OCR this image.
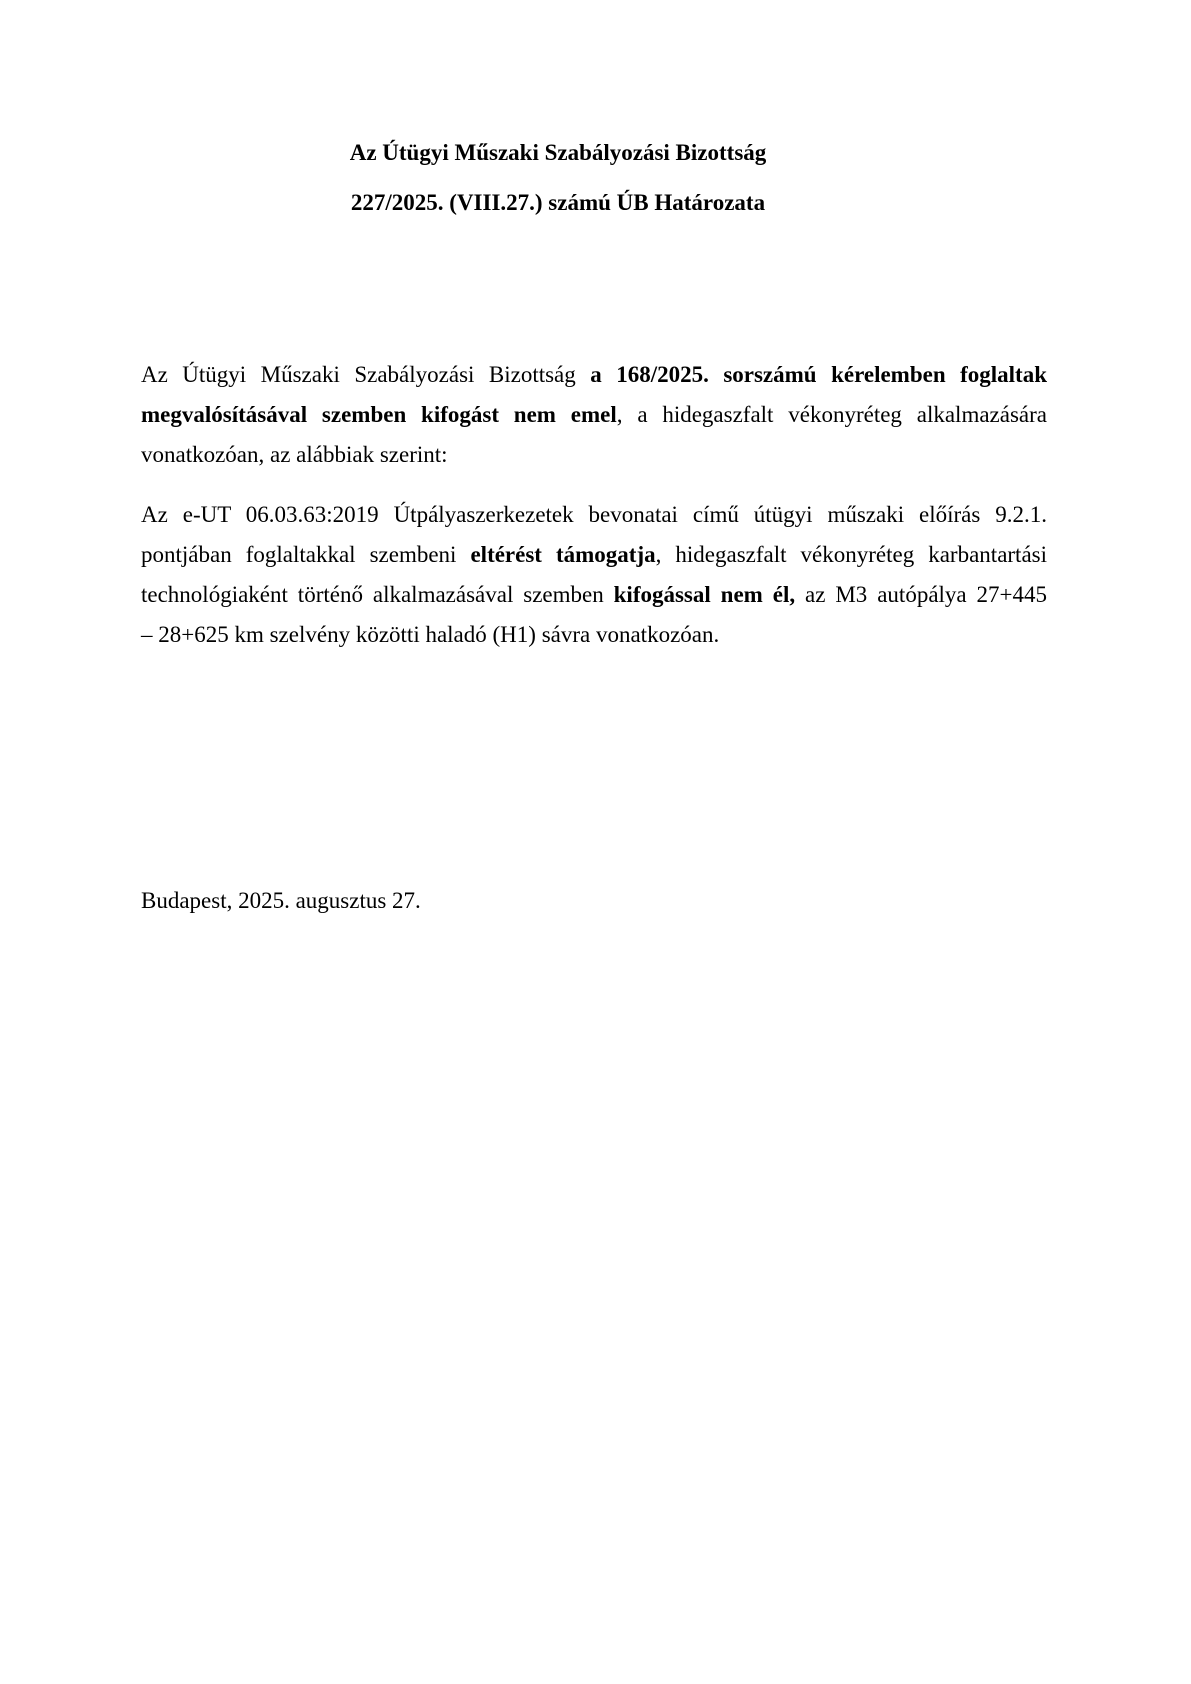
Az Útügyi Műszaki Szabályozási Bizottság
227/2025. (VIII.27.) számú ÚB Határozata
Az Útügyi Műszaki Szabályozási Bizottság a 168/2025. sorszámú kérelemben foglaltak
megvalósításával szemben kifogást nem emel, a hidegaszfalt vékonyréteg alkalmazására
vonatkozóan, az alábbiak szerint:
Az e-UT 06.03.63:2019 Útpályaszerkezetek bevonatai című útügyi műszaki előírás 9.2.1.
pontjában foglaltakkal szembeni eltérést támogatja, hidegaszfalt vékonyréteg karbantartási
technológiaként történő alkalmazásával szemben kifogással nem él, az M3 autópálya 27+445
– 28+625 km szelvény közötti haladó (H1) sávra vonatkozóan.
Budapest, 2025. augusztus 27.
